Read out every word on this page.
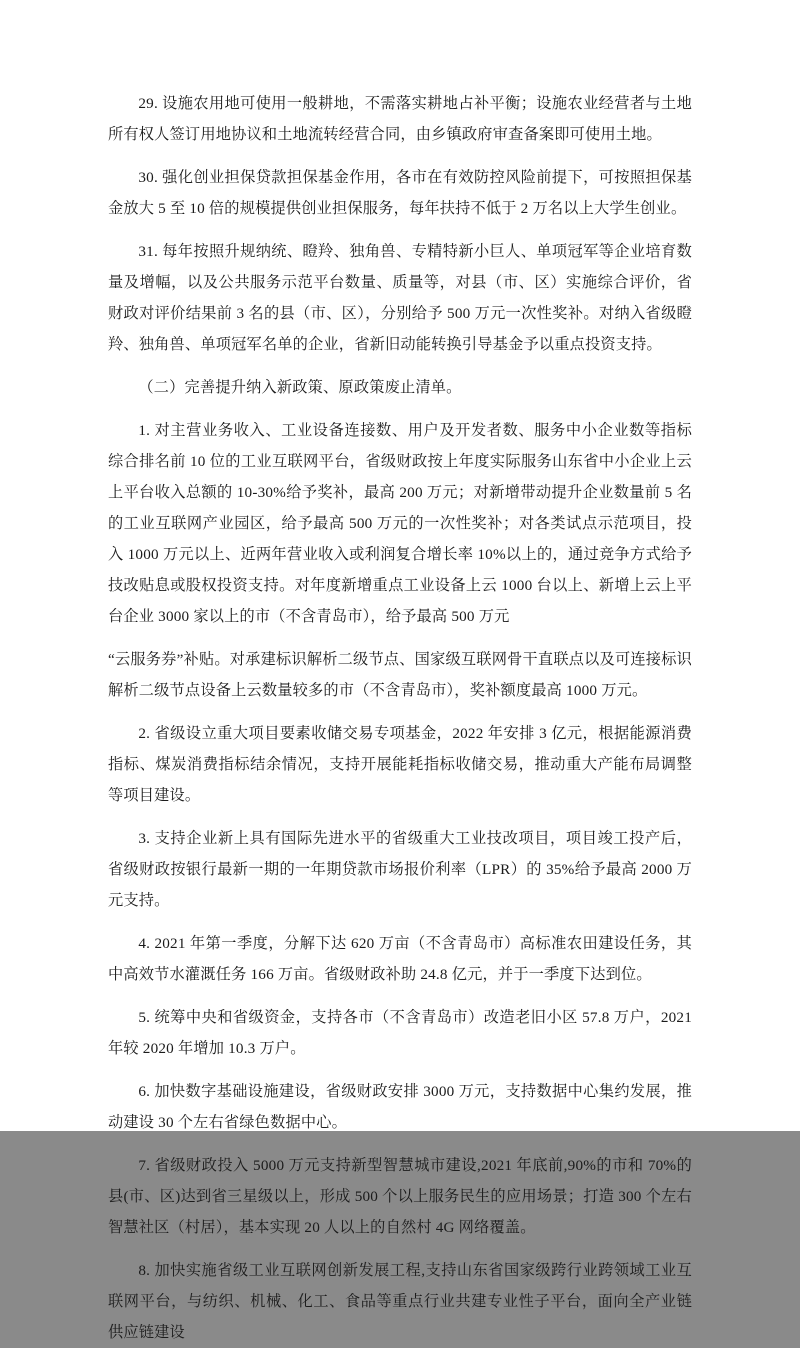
29. 设施农用地可使用一般耕地，不需落实耕地占补平衡；设施农业经营者与土地所有权人签订用地协议和土地流转经营合同，由乡镇政府审查备案即可使用土地。

30. 强化创业担保贷款担保基金作用，各市在有效防控风险前提下，可按照担保基金放大 5 至 10 倍的规模提供创业担保服务，每年扶持不低于 2 万名以上大学生创业。

31. 每年按照升规纳统、瞪羚、独角兽、专精特新小巨人、单项冠军等企业培育数量及增幅，以及公共服务示范平台数量、质量等，对县（市、区）实施综合评价，省财政对评价结果前 3 名的县（市、区），分别给予 500 万元一次性奖补。对纳入省级瞪羚、独角兽、单项冠军名单的企业，省新旧动能转换引导基金予以重点投资支持。

（二）完善提升纳入新政策、原政策废止清单。

1. 对主营业务收入、工业设备连接数、用户及开发者数、服务中小企业数等指标综合排名前 10 位的工业互联网平台，省级财政按上年度实际服务山东省中小企业上云上平台收入总额的 10-30%给予奖补，最高 200 万元；对新增带动提升企业数量前 5 名的工业互联网产业园区，给予最高 500 万元的一次性奖补；对各类试点示范项目，投入 1000 万元以上、近两年营业收入或利润复合增长率 10%以上的，通过竞争方式给予技改贴息或股权投资支持。对年度新增重点工业设备上云 1000 台以上、新增上云上平台企业 3000 家以上的市（不含青岛市），给予最高 500 万元

“云服务券”补贴。对承建标识解析二级节点、国家级互联网骨干直联点以及可连接标识解析二级节点设备上云数量较多的市（不含青岛市），奖补额度最高 1000 万元。

2. 省级设立重大项目要素收储交易专项基金，2022 年安排 3 亿元，根据能源消费指标、煤炭消费指标结余情况，支持开展能耗指标收储交易，推动重大产能布局调整等项目建设。

3. 支持企业新上具有国际先进水平的省级重大工业技改项目，项目竣工投产后，省级财政按银行最新一期的一年期贷款市场报价利率（LPR）的 35%给予最高 2000 万元支持。

4. 2021 年第一季度，分解下达 620 万亩（不含青岛市）高标准农田建设任务，其中高效节水灌溉任务 166 万亩。省级财政补助 24.8 亿元，并于一季度下达到位。

5. 统筹中央和省级资金，支持各市（不含青岛市）改造老旧小区 57.8 万户，2021 年较 2020 年增加 10.3 万户。

6. 加快数字基础设施建设，省级财政安排 3000 万元，支持数据中心集约发展，推动建设 30 个左右省绿色数据中心。

7. 省级财政投入 5000 万元支持新型智慧城市建设,2021 年底前,90%的市和 70%的县(市、区)达到省三星级以上，形成 500 个以上服务民生的应用场景；打造 300 个左右智慧社区（村居），基本实现 20 人以上的自然村 4G 网络覆盖。

8. 加快实施省级工业互联网创新发展工程,支持山东省国家级跨行业跨领域工业互联网平台，与纺织、机械、化工、食品等重点行业共建专业性子平台，面向全产业链供应链建设
